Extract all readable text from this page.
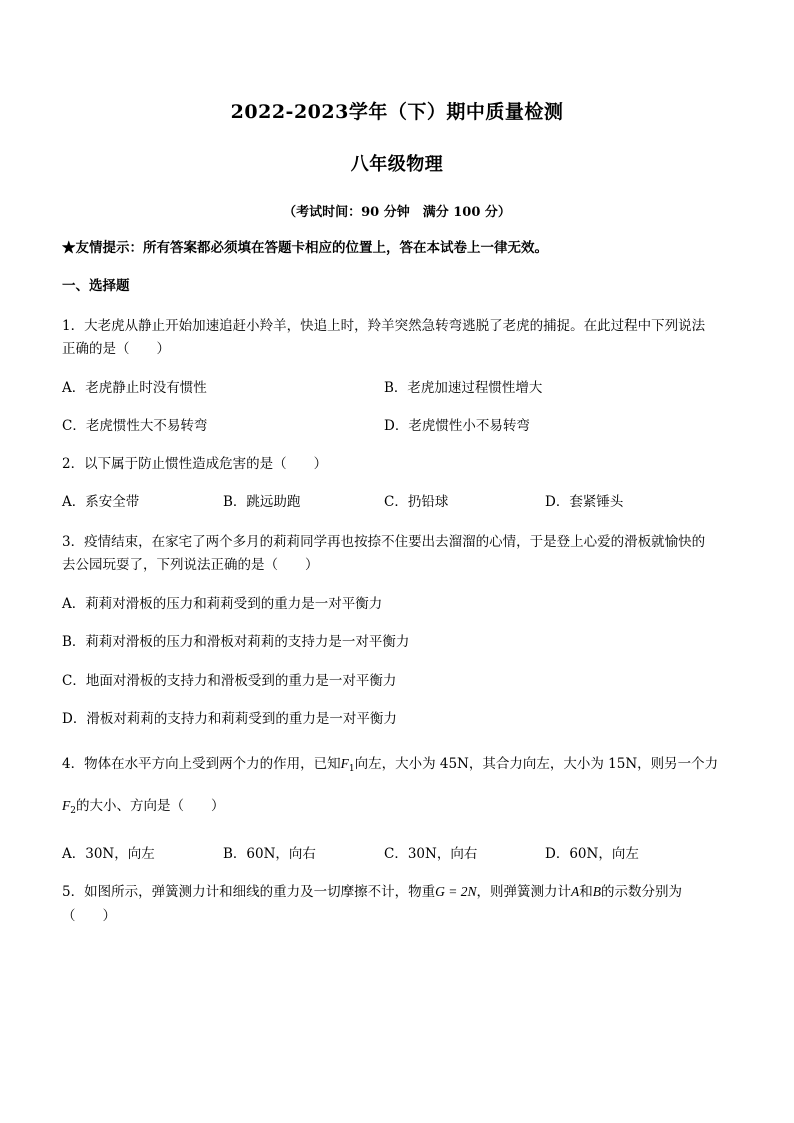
2022-2023学年（下）期中质量检测
八年级物理
（考试时间：90 分钟　满分 100 分）
★友情提示：所有答案都必须填在答题卡相应的位置上，答在本试卷上一律无效。
一、选择题
1．大老虎从静止开始加速追赶小羚羊，快追上时，羚羊突然急转弯逃脱了老虎的捕捉。在此过程中下列说法
正确的是（　　）
A．老虎静止时没有惯性	B．老虎加速过程惯性增大
C．老虎惯性大不易转弯	D．老虎惯性小不易转弯
2．以下属于防止惯性造成危害的是（　　）
A．系安全带	B．跳远助跑	C．扔铅球	D．套紧锤头
3．疫情结束，在家宅了两个多月的莉莉同学再也按捺不住要出去溜溜的心情，于是登上心爱的滑板就愉快的
去公园玩耍了，下列说法正确的是（　　）
A．莉莉对滑板的压力和莉莉受到的重力是一对平衡力
B．莉莉对滑板的压力和滑板对莉莉的支持力是一对平衡力
C．地面对滑板的支持力和滑板受到的重力是一对平衡力
D．滑板对莉莉的支持力和莉莉受到的重力是一对平衡力
4．物体在水平方向上受到两个力的作用，已知$F_1$向左，大小为 45N，其合力向左，大小为 15N，则另一个力
$F_2$的大小、方向是（　　）
A．30N，向左	B．60N，向右	C．30N，向右	D．60N，向左
5．如图所示，弹簧测力计和细线的重力及一切摩擦不计，物重G = 2N，则弹簧测力计A和B的示数分别为
（　　）
